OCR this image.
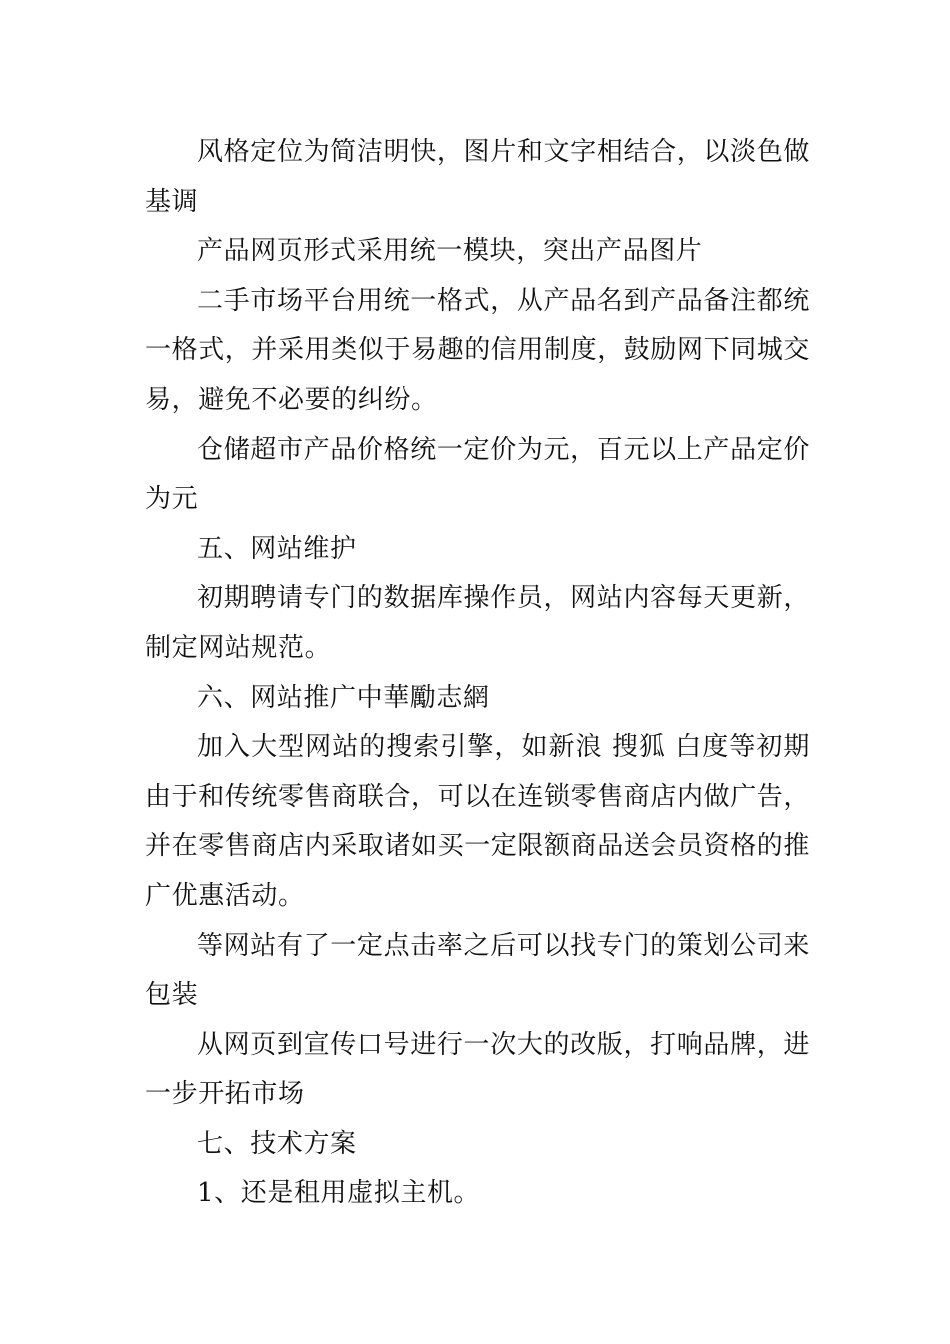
风格定位为简洁明快，图片和文字相结合，以淡色做基调

产品网页形式采用统一模块，突出产品图片

二手市场平台用统一格式，从产品名到产品备注都统一格式，并采用类似于易趣的信用制度，鼓励网下同城交易，避免不必要的纠纷。

仓储超市产品价格统一定价为元，百元以上产品定价为元

五、网站维护

初期聘请专门的数据库操作员，网站内容每天更新，制定网站规范。

六、网站推广中華勵志網

加入大型网站的搜索引擎，如新浪 搜狐 白度等初期由于和传统零售商联合，可以在连锁零售商店内做广告，并在零售商店内采取诸如买一定限额商品送会员资格的推广优惠活动。

等网站有了一定点击率之后可以找专门的策划公司来包装

从网页到宣传口号进行一次大的改版，打响品牌，进一步开拓市场

七、技术方案

1、还是租用虚拟主机。
